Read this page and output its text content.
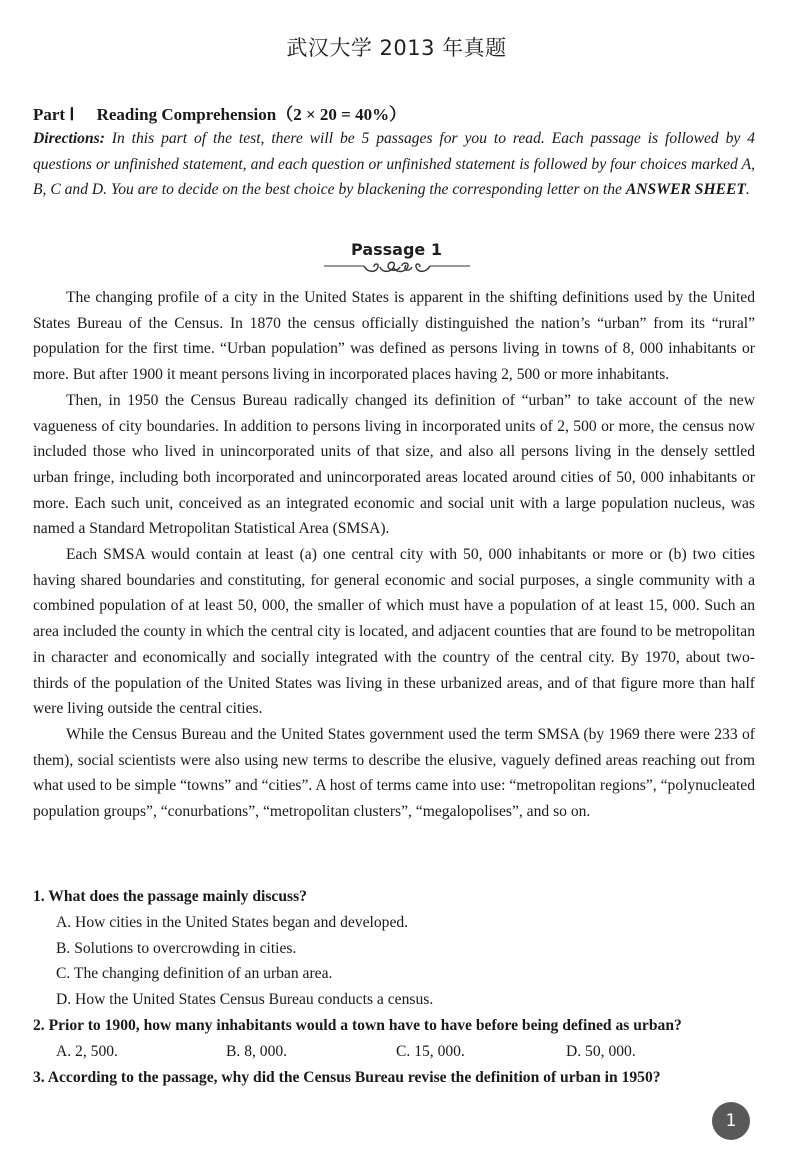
武汉大学 2013 年真题
Part Ⅰ Reading Comprehension（2 × 20 = 40%）
Directions: In this part of the test, there will be 5 passages for you to read. Each passage is followed by 4 questions or unfinished statement, and each question or unfinished statement is followed by four choices marked A, B, C and D. You are to decide on the best choice by blackening the corresponding letter on the ANSWER SHEET.
Passage 1

The changing profile of a city in the United States is apparent in the shifting definitions used by the United States Bureau of the Census. In 1870 the census officially distinguished the nation’s “urban” from its “rural” population for the first time. “Urban population” was defined as persons living in towns of 8, 000 inhabitants or more. But after 1900 it meant persons living in incorporated places having 2, 500 or more inhabitants.

Then, in 1950 the Census Bureau radically changed its definition of “urban” to take account of the new vagueness of city boundaries. In addition to persons living in incorporated units of 2, 500 or more, the census now included those who lived in unincorporated units of that size, and also all persons living in the densely settled urban fringe, including both incorporated and unincorporated areas located around cities of 50, 000 inhabitants or more. Each such unit, conceived as an integrated economic and social unit with a large population nucleus, was named a Standard Metropolitan Statistical Area (SMSA).

Each SMSA would contain at least (a) one central city with 50, 000 inhabitants or more or (b) two cities having shared boundaries and constituting, for general economic and social purposes, a single community with a combined population of at least 50, 000, the smaller of which must have a population of at least 15, 000. Such an area included the county in which the central city is located, and adjacent counties that are found to be metropolitan in character and economically and socially integrated with the country of the central city. By 1970, about two-thirds of the population of the United States was living in these urbanized areas, and of that figure more than half were living outside the central cities.

While the Census Bureau and the United States government used the term SMSA (by 1969 there were 233 of them), social scientists were also using new terms to describe the elusive, vaguely defined areas reaching out from what used to be simple “towns” and “cities”. A host of terms came into use: “metropolitan regions”, “polynucleated population groups”, “conurbations”, “metropolitan clusters”, “megalopolises”, and so on.

1. What does the passage mainly discuss?
A. How cities in the United States began and developed.
B. Solutions to overcrowding in cities.
C. The changing definition of an urban area.
D. How the United States Census Bureau conducts a census.
2. Prior to 1900, how many inhabitants would a town have to have before being defined as urban?
A. 2, 500.	B. 8, 000.	C. 15, 000.	D. 50, 000.
3. According to the passage, why did the Census Bureau revise the definition of urban in 1950?
1
